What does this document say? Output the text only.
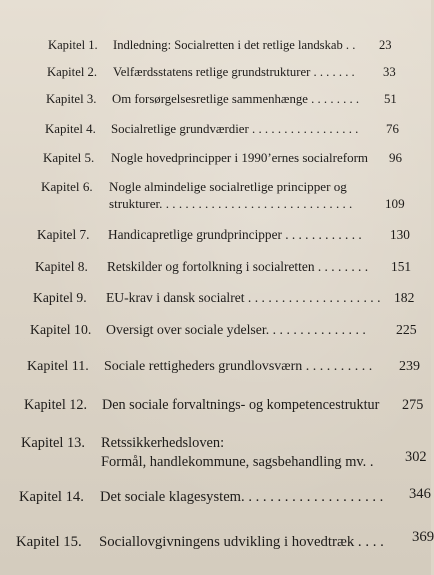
Kapitel 1. Indledning: Socialretten i det retlige landskab . . 23
Kapitel 2. Velfærdsstatens retlige grundstrukturer . . . . . . . 33
Kapitel 3. Om forsørgelsesretlige sammenhænge . . . . . . . . 51
Kapitel 4. Socialretlige grundværdier . . . . . . . . . . . . . . . . . 76
Kapitel 5. Nogle hovedprincipper i 1990’ernes socialreform 96
Kapitel 6. Nogle almindelige socialretlige principper og
strukturer. . . . . . . . . . . . . . . . . . . . . . . . . . . . . . 109
Kapitel 7. Handicapretlige grundprincipper . . . . . . . . . . . . 130
Kapitel 8. Retskilder og fortolkning i socialretten . . . . . . . . 151
Kapitel 9. EU-krav i dansk socialret . . . . . . . . . . . . . . . . . . . . 182
Kapitel 10. Oversigt over sociale ydelser. . . . . . . . . . . . . . . 225
Kapitel 11. Sociale rettigheders grundlovsværn . . . . . . . . . . 239
Kapitel 12. Den sociale forvaltnings- og kompetencestruktur 275
Kapitel 13. Retssikkerhedsloven:
Formål, handlekommune, sagsbehandling mv. . 302
Kapitel 14. Det sociale klagesystem. . . . . . . . . . . . . . . . . . . . 346
Kapitel 15. Sociallovgivningens udvikling i hovedtræk . . . . 369
